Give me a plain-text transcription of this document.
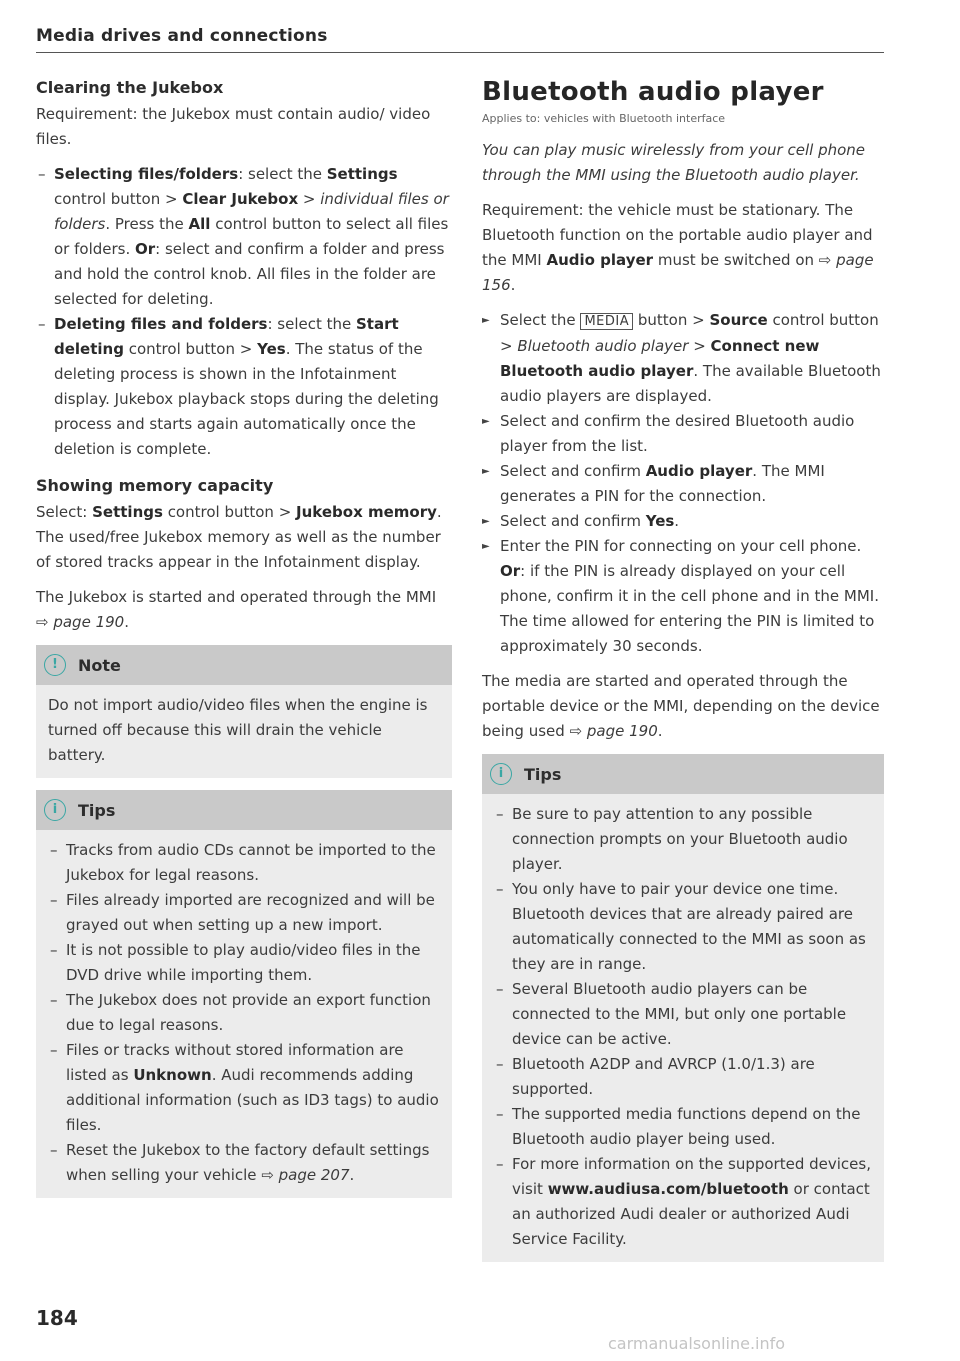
Media drives and connections
Clearing the Jukebox

Requirement: the Jukebox must contain audio/ video files.

– Selecting files/folders: select the Settings control button > Clear Jukebox > individual files or folders. Press the All control button to select all files or folders. Or: select and confirm a folder and press and hold the control knob. All files in the folder are selected for deleting.
– Deleting files and folders: select the Start deleting control button > Yes. The status of the deleting process is shown in the Infotainment display. Jukebox playback stops during the deleting process and starts again automatically once the deletion is complete.
Showing memory capacity

Select: Settings control button > Jukebox memory. The used/free Jukebox memory as well as the number of stored tracks appear in the Infotainment display.

The Jukebox is started and operated through the MMI ⇨ page 190.

!	Note

Do not import audio/video files when the engine is turned off because this will drain the vehicle battery.

i	Tips
– Tracks from audio CDs cannot be imported to the Jukebox for legal reasons.
– Files already imported are recognized and will be grayed out when setting up a new import.
– It is not possible to play audio/video files in the DVD drive while importing them.
– The Jukebox does not provide an export function due to legal reasons.
– Files or tracks without stored information are listed as Unknown. Audi recommends adding additional information (such as ID3 tags) to audio files.
– Reset the Jukebox to the factory default settings when selling your vehicle ⇨ page 207.
Bluetooth audio player

Applies to: vehicles with Bluetooth interface

You can play music wirelessly from your cell phone through the MMI using the Bluetooth audio player.

Requirement: the vehicle must be stationary. The Bluetooth function on the portable audio player and the MMI Audio player must be switched on ⇨ page 156.

► Select the MEDIA button > Source control button > Bluetooth audio player > Connect new Bluetooth audio player. The available Bluetooth audio players are displayed.
► Select and confirm the desired Bluetooth audio player from the list.
► Select and confirm Audio player. The MMI generates a PIN for the connection.
► Select and confirm Yes.
► Enter the PIN for connecting on your cell phone. Or: if the PIN is already displayed on your cell phone, confirm it in the cell phone and in the MMI. The time allowed for entering the PIN is limited to approximately 30 seconds.

The media are started and operated through the portable device or the MMI, depending on the device being used ⇨ page 190.

i	Tips
– Be sure to pay attention to any possible connection prompts on your Bluetooth audio player.
– You only have to pair your device one time. Bluetooth devices that are already paired are automatically connected to the MMI as soon as they are in range.
– Several Bluetooth audio players can be connected to the MMI, but only one portable device can be active.
– Bluetooth A2DP and AVRCP (1.0/1.3) are supported.
– The supported media functions depend on the Bluetooth audio player being used.
– For more information on the supported devices, visit www.audiusa.com/bluetooth or contact an authorized Audi dealer or authorized Audi Service Facility.
184
carmanualsonline.info
